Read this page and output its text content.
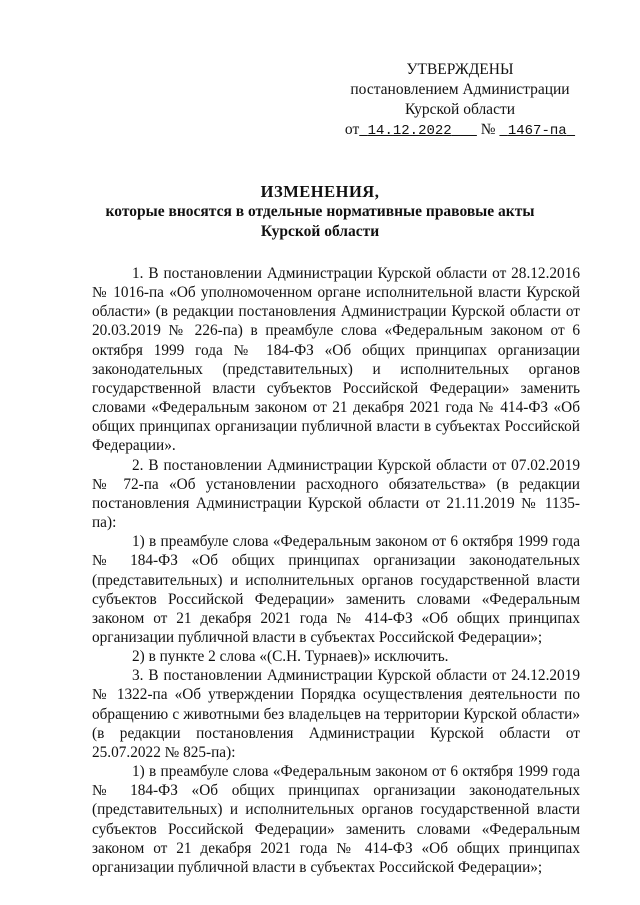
УТВЕРЖДЕНЫ
постановлением Администрации
Курской области
от 14.12.2022 № 1467-па
ИЗМЕНЕНИЯ,
которые вносятся в отдельные нормативные правовые акты
Курской области

1. В постановлении Администрации Курской области от 28.12.2016 № 1016-па «Об уполномоченном органе исполнительной власти Курской области» (в редакции постановления Администрации Курской области от 20.03.2019 № 226-па) в преамбуле слова «Федеральным законом от 6 октября 1999 года № 184-ФЗ «Об общих принципах организации законодательных (представительных) и исполнительных органов государственной власти субъектов Российской Федерации» заменить словами «Федеральным законом от 21 декабря 2021 года № 414-ФЗ «Об общих принципах организации публичной власти в субъектах Российской Федерации».

2. В постановлении Администрации Курской области от 07.02.2019 № 72-па «Об установлении расходного обязательства» (в редакции постановления Администрации Курской области от 21.11.2019 № 1135-па):

1) в преамбуле слова «Федеральным законом от 6 октября 1999 года № 184-ФЗ «Об общих принципах организации законодательных (представительных) и исполнительных органов государственной власти субъектов Российской Федерации» заменить словами «Федеральным законом от 21 декабря 2021 года № 414-ФЗ «Об общих принципах организации публичной власти в субъектах Российской Федерации»;

2) в пункте 2 слова «(С.Н. Турнаев)» исключить.

3. В постановлении Администрации Курской области от 24.12.2019 № 1322-па «Об утверждении Порядка осуществления деятельности по обращению с животными без владельцев на территории Курской области» (в редакции постановления Администрации Курской области от 25.07.2022 № 825-па):

1) в преамбуле слова «Федеральным законом от 6 октября 1999 года № 184-ФЗ «Об общих принципах организации законодательных (представительных) и исполнительных органов государственной власти субъектов Российской Федерации» заменить словами «Федеральным законом от 21 декабря 2021 года № 414-ФЗ «Об общих принципах организации публичной власти в субъектах Российской Федерации»;
